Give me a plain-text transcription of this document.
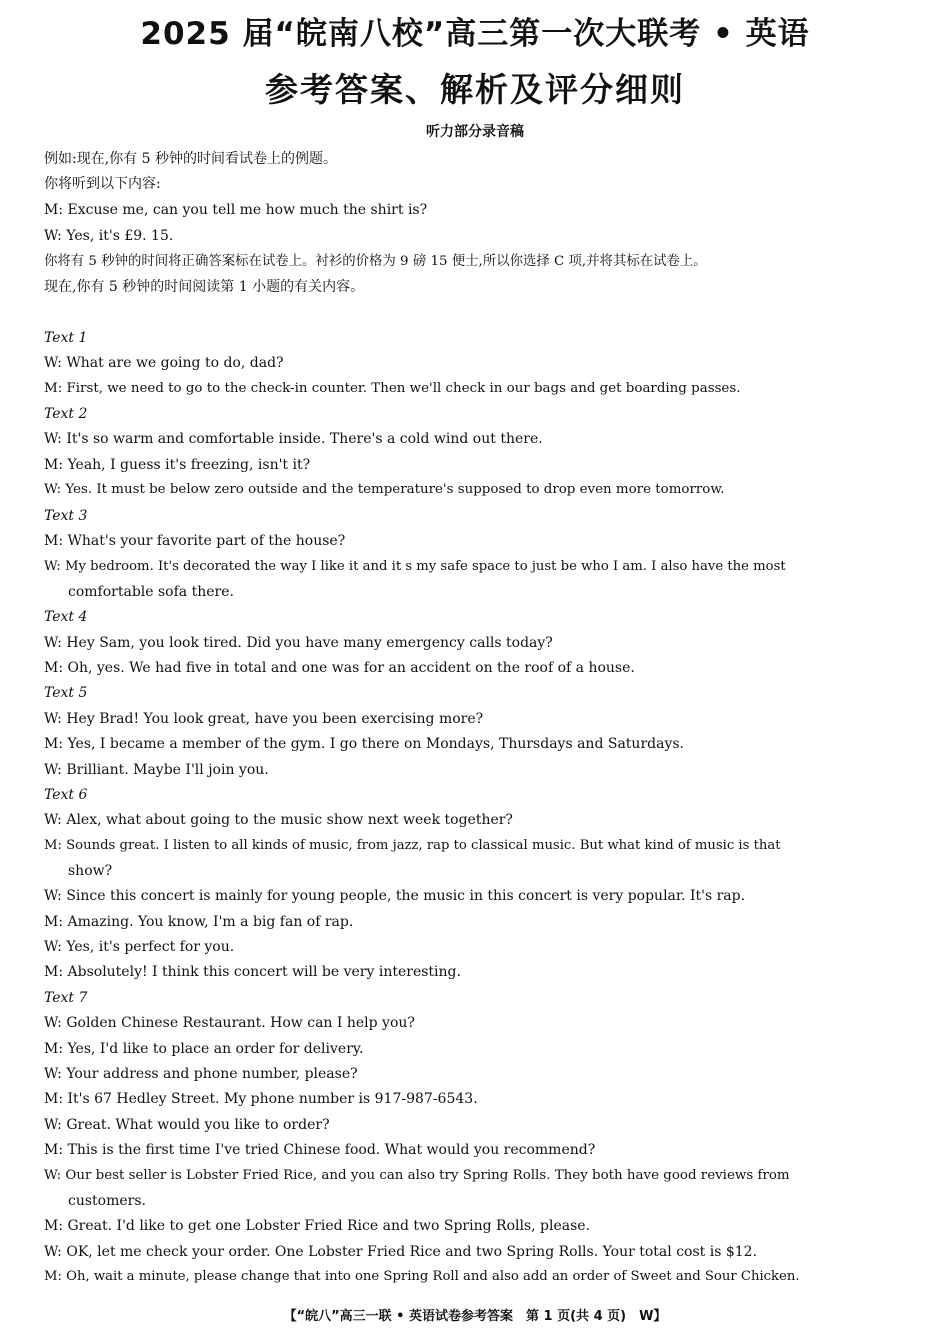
2025 届“皖南八校”高三第一次大联考 • 英语
参考答案、解析及评分细则
听力部分录音稿
例如:现在,你有 5 秒钟的时间看试卷上的例题。
你将听到以下内容:
M: Excuse me, can you tell me how much the shirt is?
W: Yes, it's £9. 15.
你将有 5 秒钟的时间将正确答案标在试卷上。衬衫的价格为 9 磅 15 便士,所以你选择 C 项,并将其标在试卷上。
现在,你有 5 秒钟的时间阅读第 1 小题的有关内容。
Text 1
W: What are we going to do, dad?
M: First, we need to go to the check-in counter. Then we'll check in our bags and get boarding passes.
Text 2
W: It's so warm and comfortable inside. There's a cold wind out there.
M: Yeah, I guess it's freezing, isn't it?
W: Yes. It must be below zero outside and the temperature's supposed to drop even more tomorrow.
Text 3
M: What's your favorite part of the house?
W: My bedroom. It's decorated the way I like it and it s my safe space to just be who I am. I also have the most
comfortable sofa there.
Text 4
W: Hey Sam, you look tired. Did you have many emergency calls today?
M: Oh, yes. We had five in total and one was for an accident on the roof of a house.
Text 5
W: Hey Brad! You look great, have you been exercising more?
M: Yes, I became a member of the gym. I go there on Mondays, Thursdays and Saturdays.
W: Brilliant. Maybe I'll join you.
Text 6
W: Alex, what about going to the music show next week together?
M: Sounds great. I listen to all kinds of music, from jazz, rap to classical music. But what kind of music is that
show?
W: Since this concert is mainly for young people, the music in this concert is very popular. It's rap.
M: Amazing. You know, I'm a big fan of rap.
W: Yes, it's perfect for you.
M: Absolutely! I think this concert will be very interesting.
Text 7
W: Golden Chinese Restaurant. How can I help you?
M: Yes, I'd like to place an order for delivery.
W: Your address and phone number, please?
M: It's 67 Hedley Street. My phone number is 917-987-6543.
W: Great. What would you like to order?
M: This is the first time I've tried Chinese food. What would you recommend?
W: Our best seller is Lobster Fried Rice, and you can also try Spring Rolls. They both have good reviews from
customers.
M: Great. I'd like to get one Lobster Fried Rice and two Spring Rolls, please.
W: OK, let me check your order. One Lobster Fried Rice and two Spring Rolls. Your total cost is $12.
M: Oh, wait a minute, please change that into one Spring Roll and also add an order of Sweet and Sour Chicken.
【“皖八”高三一联 • 英语试卷参考答案　第 1 页(共 4 页)　W】
